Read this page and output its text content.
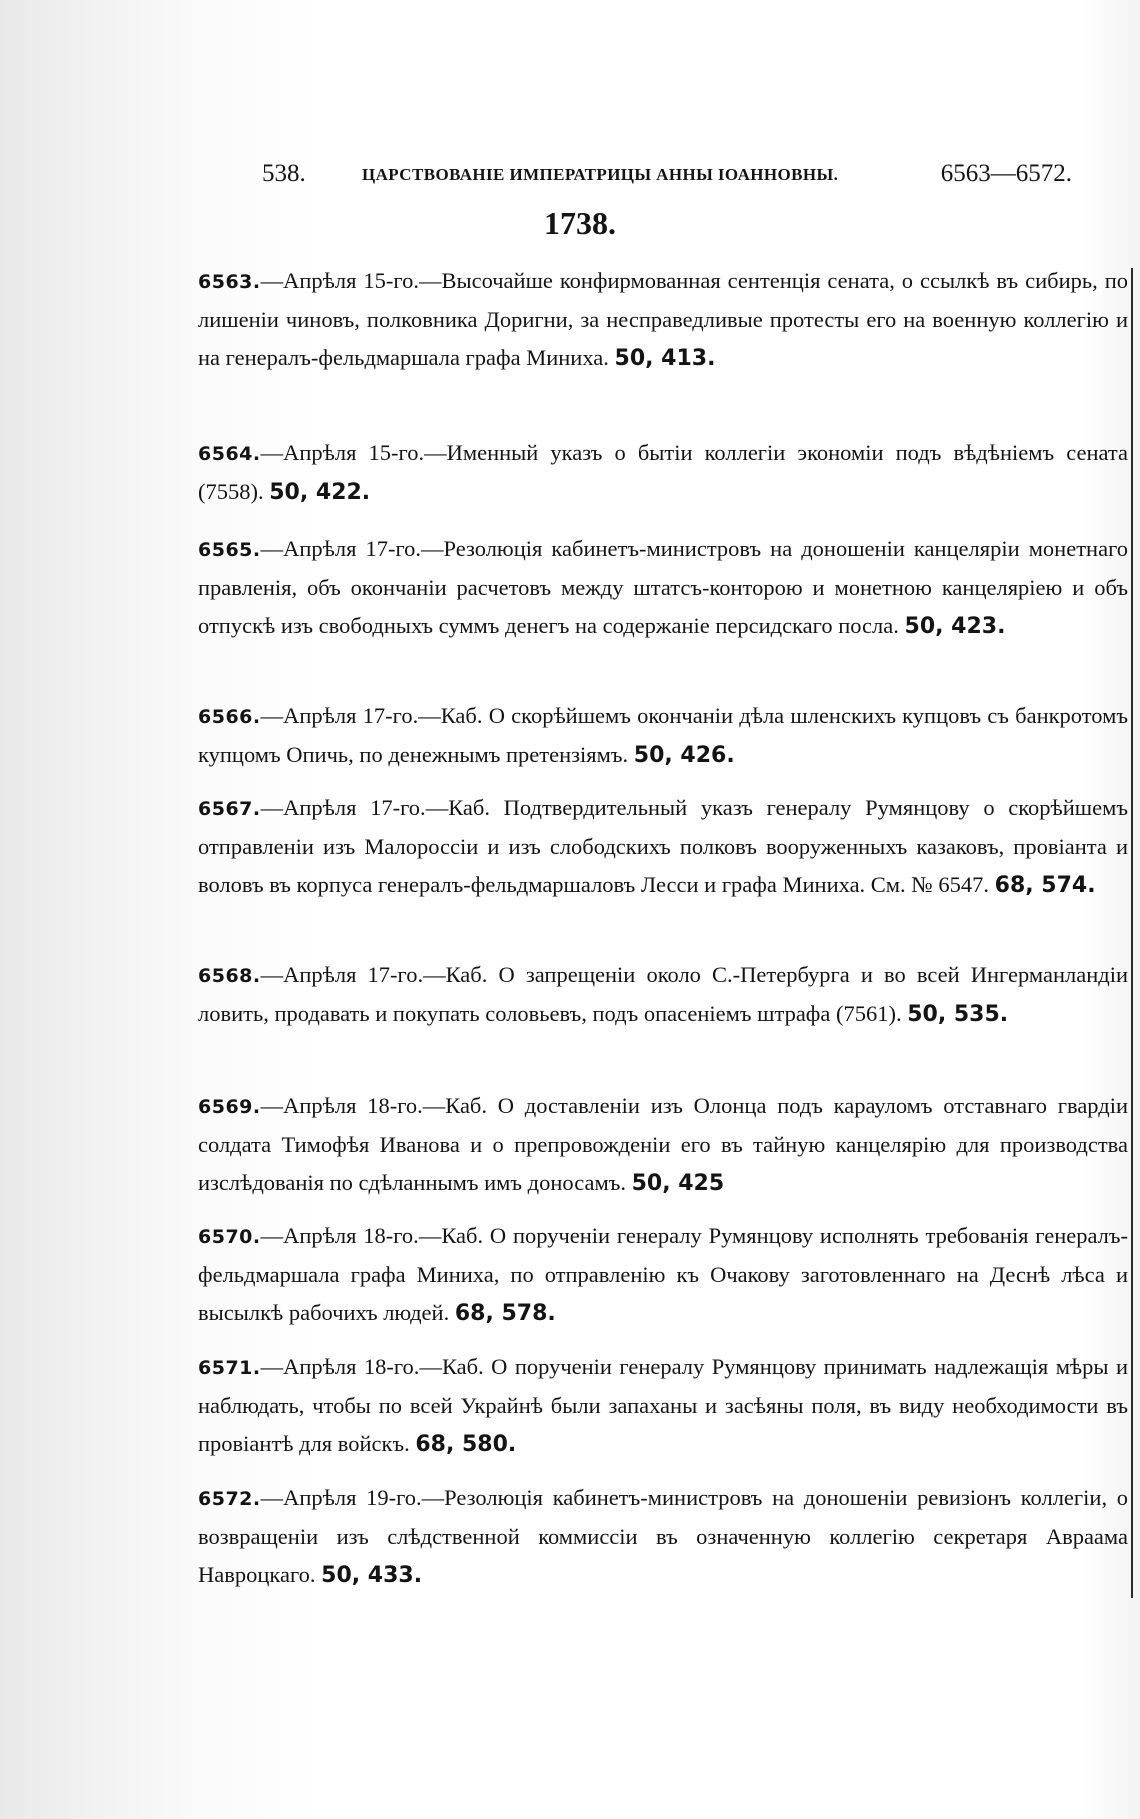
538.	ЦАРСТВОВАНІЕ ИМПЕРАТРИЦЫ АННЫ ІОАННОВНЫ.	6563—6572.
1738.
6563.—Апрѣля 15-го.—Высочайше конфирмованная сентенція сената, о ссылкѣ въ сибирь, по лишеніи чиновъ, полковника Доригни, за несправедливые протесты его на военную коллегію и на генералъ-фельдмаршала графа Миниха. 50, 413.
6564.—Апрѣля 15-го.—Именный указъ о бытіи коллегіи экономіи подъ вѣдѣніемъ сената (7558). 50, 422.
6565.—Апрѣля 17-го.—Резолюція кабинетъ-министровъ на доношеніи канцеляріи монетнаго правленія, объ окончаніи расчетовъ между штатсъ-конторою и монетною канцеляріею и объ отпускѣ изъ свободныхъ суммъ денегъ на содержаніе персидскаго посла. 50, 423.
6566.—Апрѣля 17-го.—Каб. О скорѣйшемъ окончаніи дѣла шленскихъ купцовъ съ банкротомъ купцомъ Опичь, по денежнымъ претензіямъ. 50, 426.
6567.—Апрѣля 17-го.—Каб. Подтвердительный указъ генералу Румянцову о скорѣйшемъ отправленіи изъ Малороссіи и изъ слободскихъ полковъ вооруженныхъ казаковъ, провіанта и воловъ въ корпуса генералъ-фельдмаршаловъ Лесси и графа Миниха. См. № 6547. 68, 574.
6568.—Апрѣля 17-го.—Каб. О запрещеніи около С.-Петербурга и во всей Ингерманландіи ловить, продавать и покупать соловьевъ, подъ опасеніемъ штрафа (7561). 50, 535.
6569.—Апрѣля 18-го.—Каб. О доставленіи изъ Олонца подъ карауломъ отставнаго гвардіи солдата Тимофѣя Иванова и о препровожденіи его въ тайную канцелярію для производства изслѣдованія по сдѣланнымъ имъ доносамъ. 50, 425
6570.—Апрѣля 18-го.—Каб. О порученіи генералу Румянцову исполнять требованія генералъ-фельдмаршала графа Миниха, по отправленію къ Очакову заготовленнаго на Деснѣ лѣса и высылкѣ рабочихъ людей. 68, 578.
6571.—Апрѣля 18-го.—Каб. О порученіи генералу Румянцову принимать надлежащія мѣры и наблюдать, чтобы по всей Украйнѣ были запаханы и засѣяны поля, въ виду необходимости въ провіантѣ для войскъ. 68, 580.
6572.—Апрѣля 19-го.—Резолюція кабинетъ-министровъ на доношеніи ревизіонъ коллегіи, о возвращеніи изъ слѣдственной коммиссіи въ означенную коллегію секретаря Авраама Навроцкаго. 50, 433.
